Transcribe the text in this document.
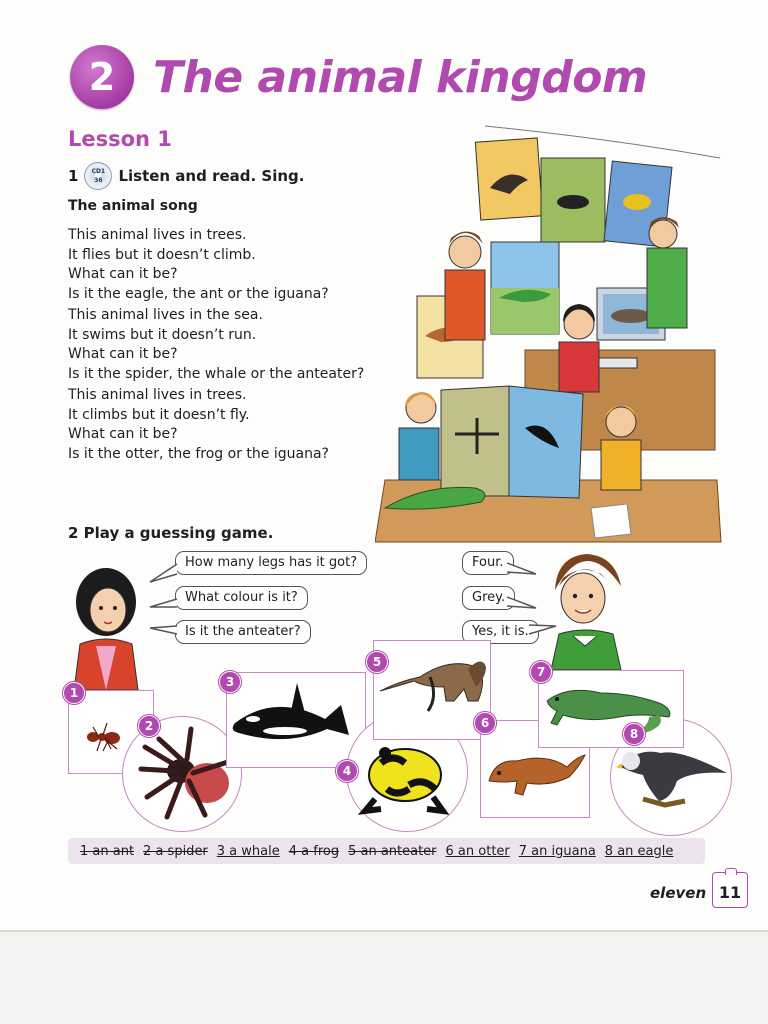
2 The animal kingdom
Lesson 1
1	CD1
36	Listen and read. Sing.
The animal song
This animal lives in trees.
It flies but it doesn’t climb.
What can it be?
Is it the eagle, the ant or the iguana?
This animal lives in the sea.
It swims but it doesn’t run.
What can it be?
Is it the spider, the whale or the anteater?
This animal lives in trees.
It climbs but it doesn’t fly.
What can it be?
Is it the otter, the frog or the iguana?
2 Play a guessing game.
How many legs has it got?
What colour is it?
Is it the anteater?
Four.
Grey.
Yes, it is.
1
2
3
4
5
6
7
8
1 an ant 2 a spider 3 a whale 4 a frog 5 an anteater 6 an otter 7 an iguana 8 an eagle
eleven 11
